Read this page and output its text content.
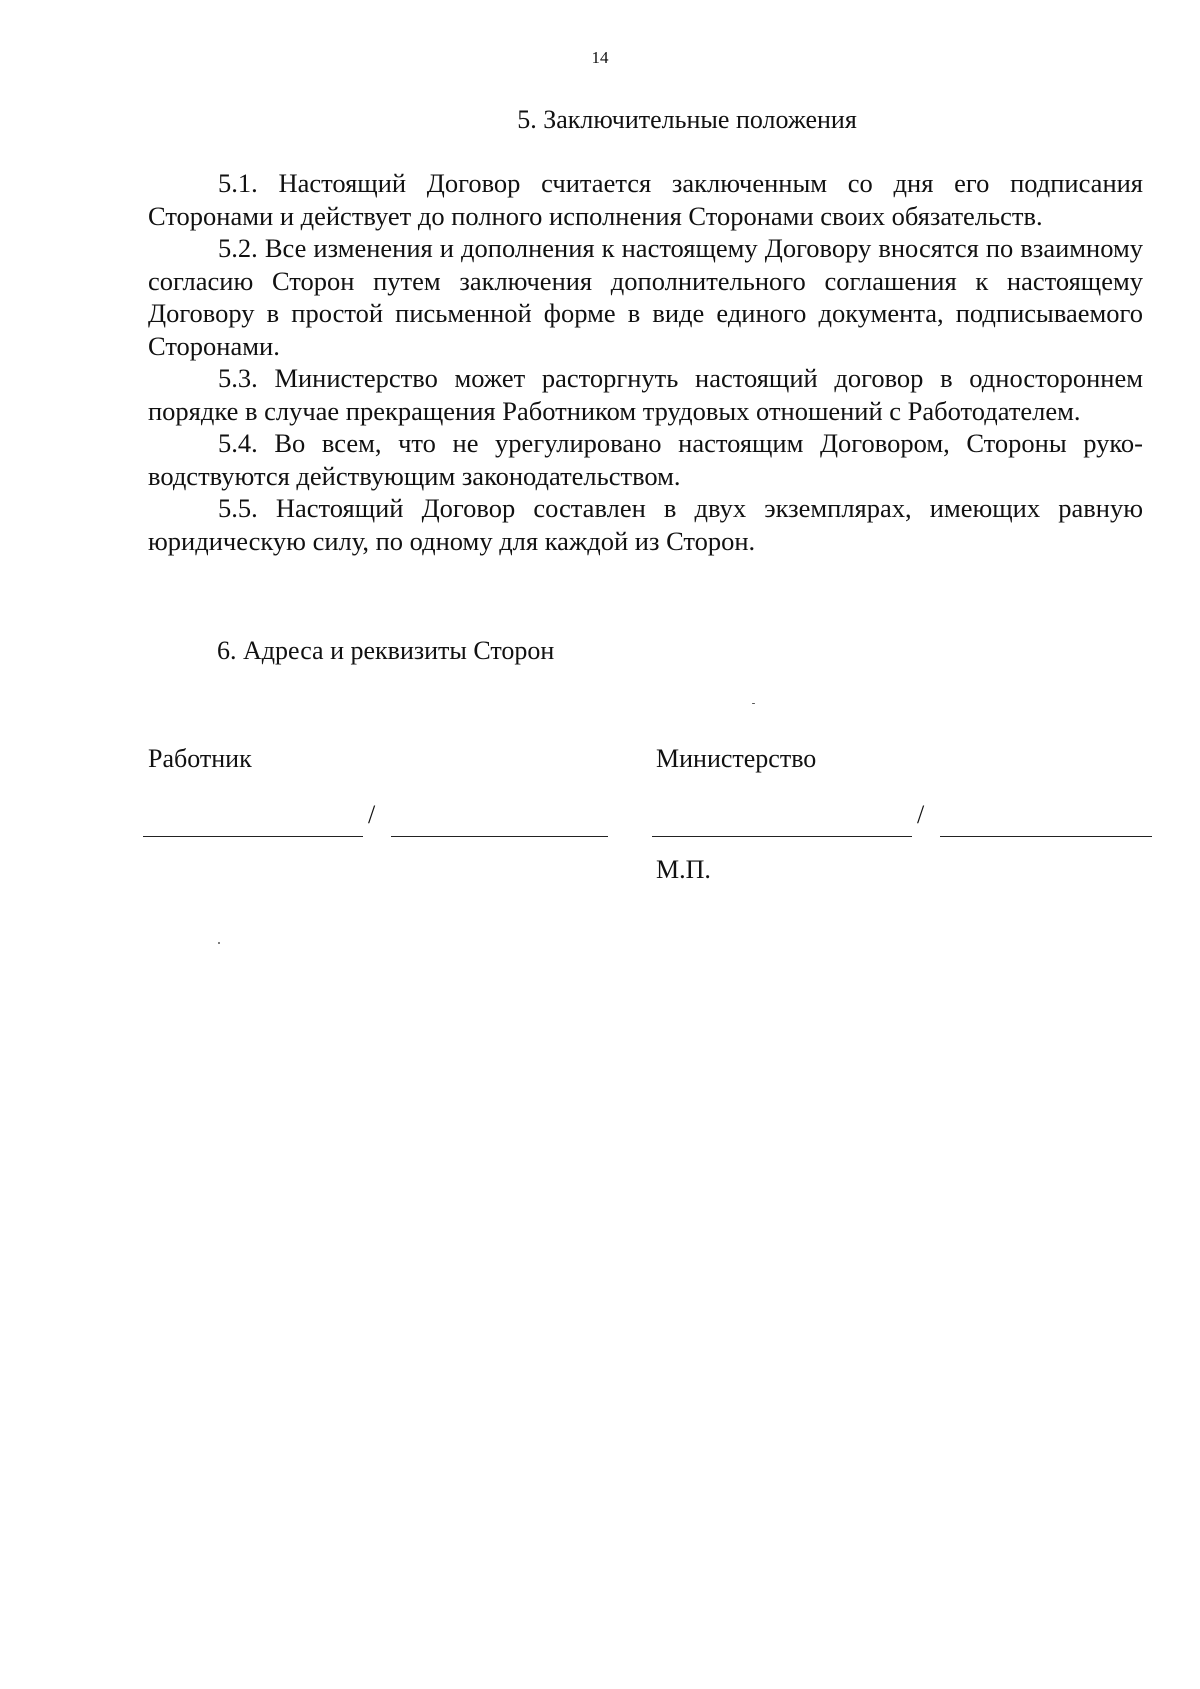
14
5. Заключительные положения

5.1. Настоящий Договор считается заключенным со дня его подписания Сторонами и действует до полного исполнения Сторонами своих обязательств.

5.2. Все изменения и дополнения к настоящему Договору вносятся по взаимному согласию Сторон путем заключения дополнительного соглашения к настоящему Договору в простой письменной форме в виде единого документа, подписываемого Сторонами.

5.3. Министерство может расторгнуть настоящий договор в одностороннем порядке в случае прекращения Работником трудовых отношений с Работодателем.

5.4. Во всем, что не урегулировано настоящим Договором, Стороны руководствуются действующим законодательством.

5.5. Настоящий Договор составлен в двух экземплярах, имеющих равную юридическую силу, по одному для каждой из Сторон.

6. Адреса и реквизиты Сторон
Работник	Министерство
/	/
М.П.
